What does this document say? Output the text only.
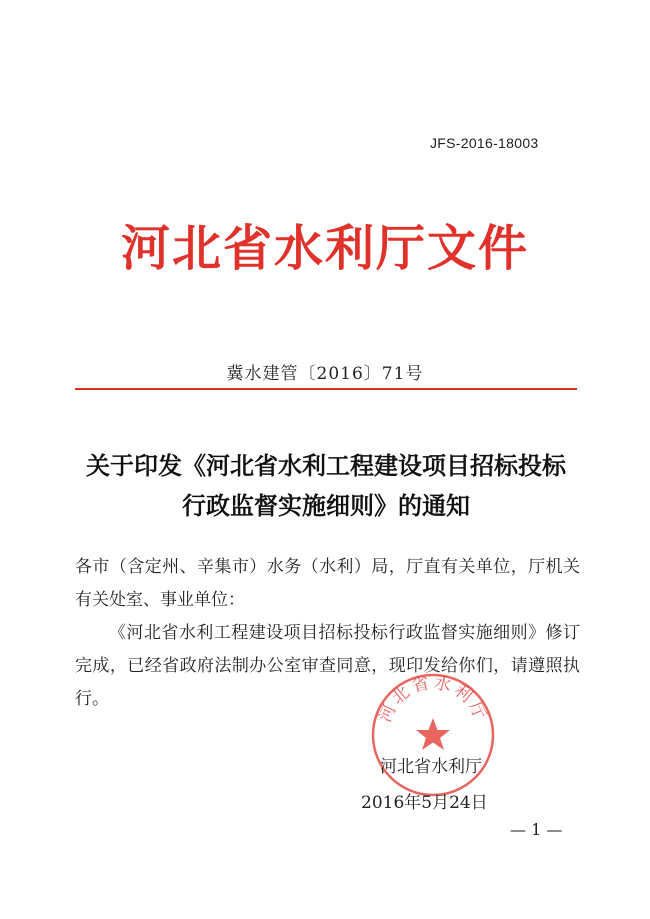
JFS-2016-18003
河北省水利厅文件
冀水建管〔2016〕71号
关于印发《河北省水利工程建设项目招标投标
行政监督实施细则》的通知
各市（含定州、辛集市）水务（水利）局，厅直有关单位，厅机关有关处室、事业单位：
《河北省水利工程建设项目招标投标行政监督实施细则》修订完成，已经省政府法制办公室审查同意，现印发给你们，请遵照执行。	河北省水利厅
河北省水利厅
2016年5月24日
— 1 —
